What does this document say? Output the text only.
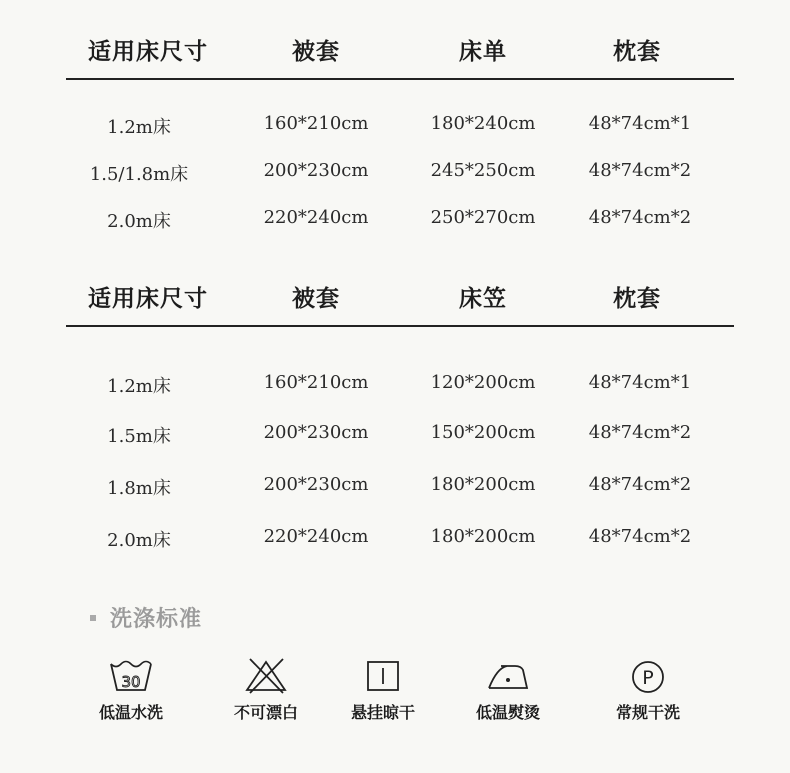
适用床尺寸	被套	床单	枕套
1.2m床	160*210cm	180*240cm	48*74cm*1
1.5/1.8m床	200*230cm	245*250cm	48*74cm*2
2.0m床	220*240cm	250*270cm	48*74cm*2
适用床尺寸	被套	床笠	枕套
1.2m床	160*210cm	120*200cm	48*74cm*1
1.5m床	200*230cm	150*200cm	48*74cm*2
1.8m床	200*230cm	180*200cm	48*74cm*2
2.0m床	220*240cm	180*200cm	48*74cm*2
洗涤标准
30
低温水洗	不可漂白	悬挂晾干	低温熨烫
P
常规干洗
